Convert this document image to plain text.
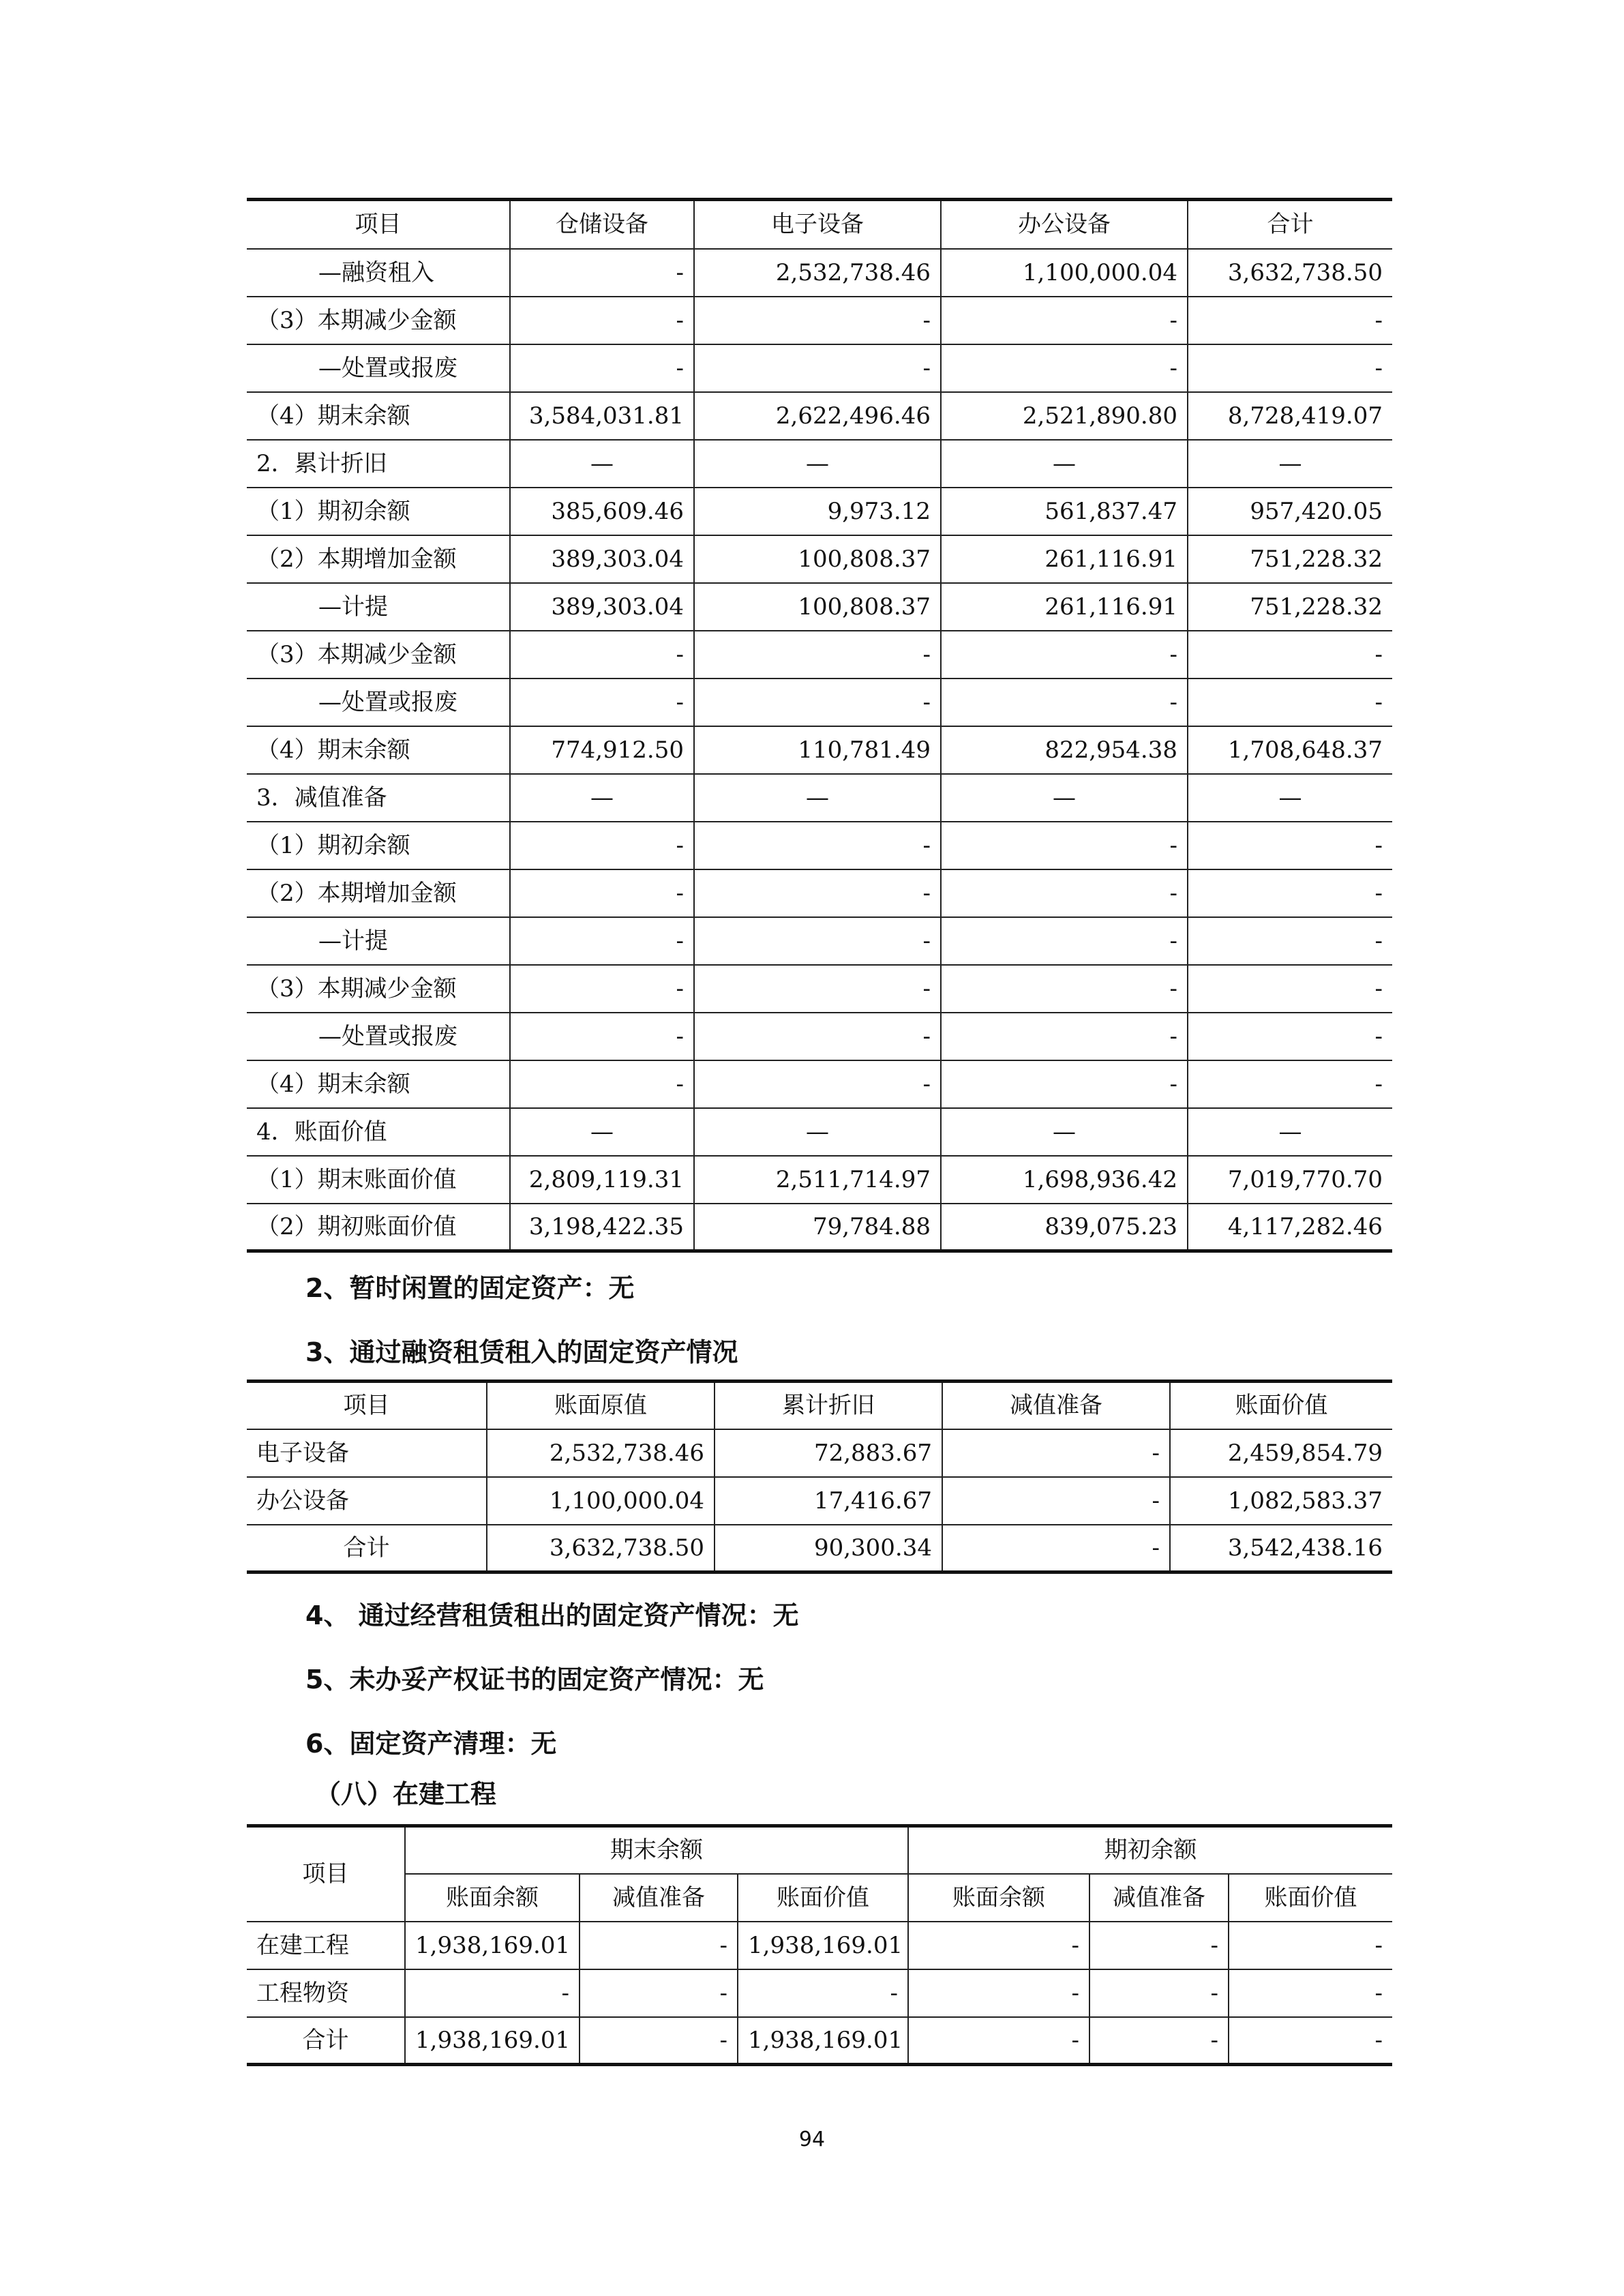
项目	仓储设备	电子设备	办公设备	合计
—融资租入	-	2,532,738.46	1,100,000.04	3,632,738.50
（3）本期减少金额	-	-	-	-
—处置或报废	-	-	-	-
（4）期末余额	3,584,031.81	2,622,496.46	2,521,890.80	8,728,419.07
2．累计折旧	—	—	—	—
（1）期初余额	385,609.46	9,973.12	561,837.47	957,420.05
（2）本期增加金额	389,303.04	100,808.37	261,116.91	751,228.32
—计提	389,303.04	100,808.37	261,116.91	751,228.32
（3）本期减少金额	-	-	-	-
—处置或报废	-	-	-	-
（4）期末余额	774,912.50	110,781.49	822,954.38	1,708,648.37
3．减值准备	—	—	—	—
（1）期初余额	-	-	-	-
（2）本期增加金额	-	-	-	-
—计提	-	-	-	-
（3）本期减少金额	-	-	-	-
—处置或报废	-	-	-	-
（4）期末余额	-	-	-	-
4．账面价值	—	—	—	—
（1）期末账面价值	2,809,119.31	2,511,714.97	1,698,936.42	7,019,770.70
（2）期初账面价值	3,198,422.35	79,784.88	839,075.23	4,117,282.46
2、暂时闲置的固定资产：无
3、通过融资租赁租入的固定资产情况
项目	账面原值	累计折旧	减值准备	账面价值
电子设备	2,532,738.46	72,883.67	-	2,459,854.79
办公设备	1,100,000.04	17,416.67	-	1,082,583.37
合计	3,632,738.50	90,300.34	-	3,542,438.16
4、 通过经营租赁租出的固定资产情况：无
5、未办妥产权证书的固定资产情况：无
6、固定资产清理：无
（八）在建工程
项目	期末余额			期初余额		
	账面余额	减值准备	账面价值	账面余额	减值准备	账面价值
在建工程	1,938,169.01	-	1,938,169.01	-	-	-
工程物资	-	-	-	-	-	-
合计	1,938,169.01	-	1,938,169.01	-	-	-
94
